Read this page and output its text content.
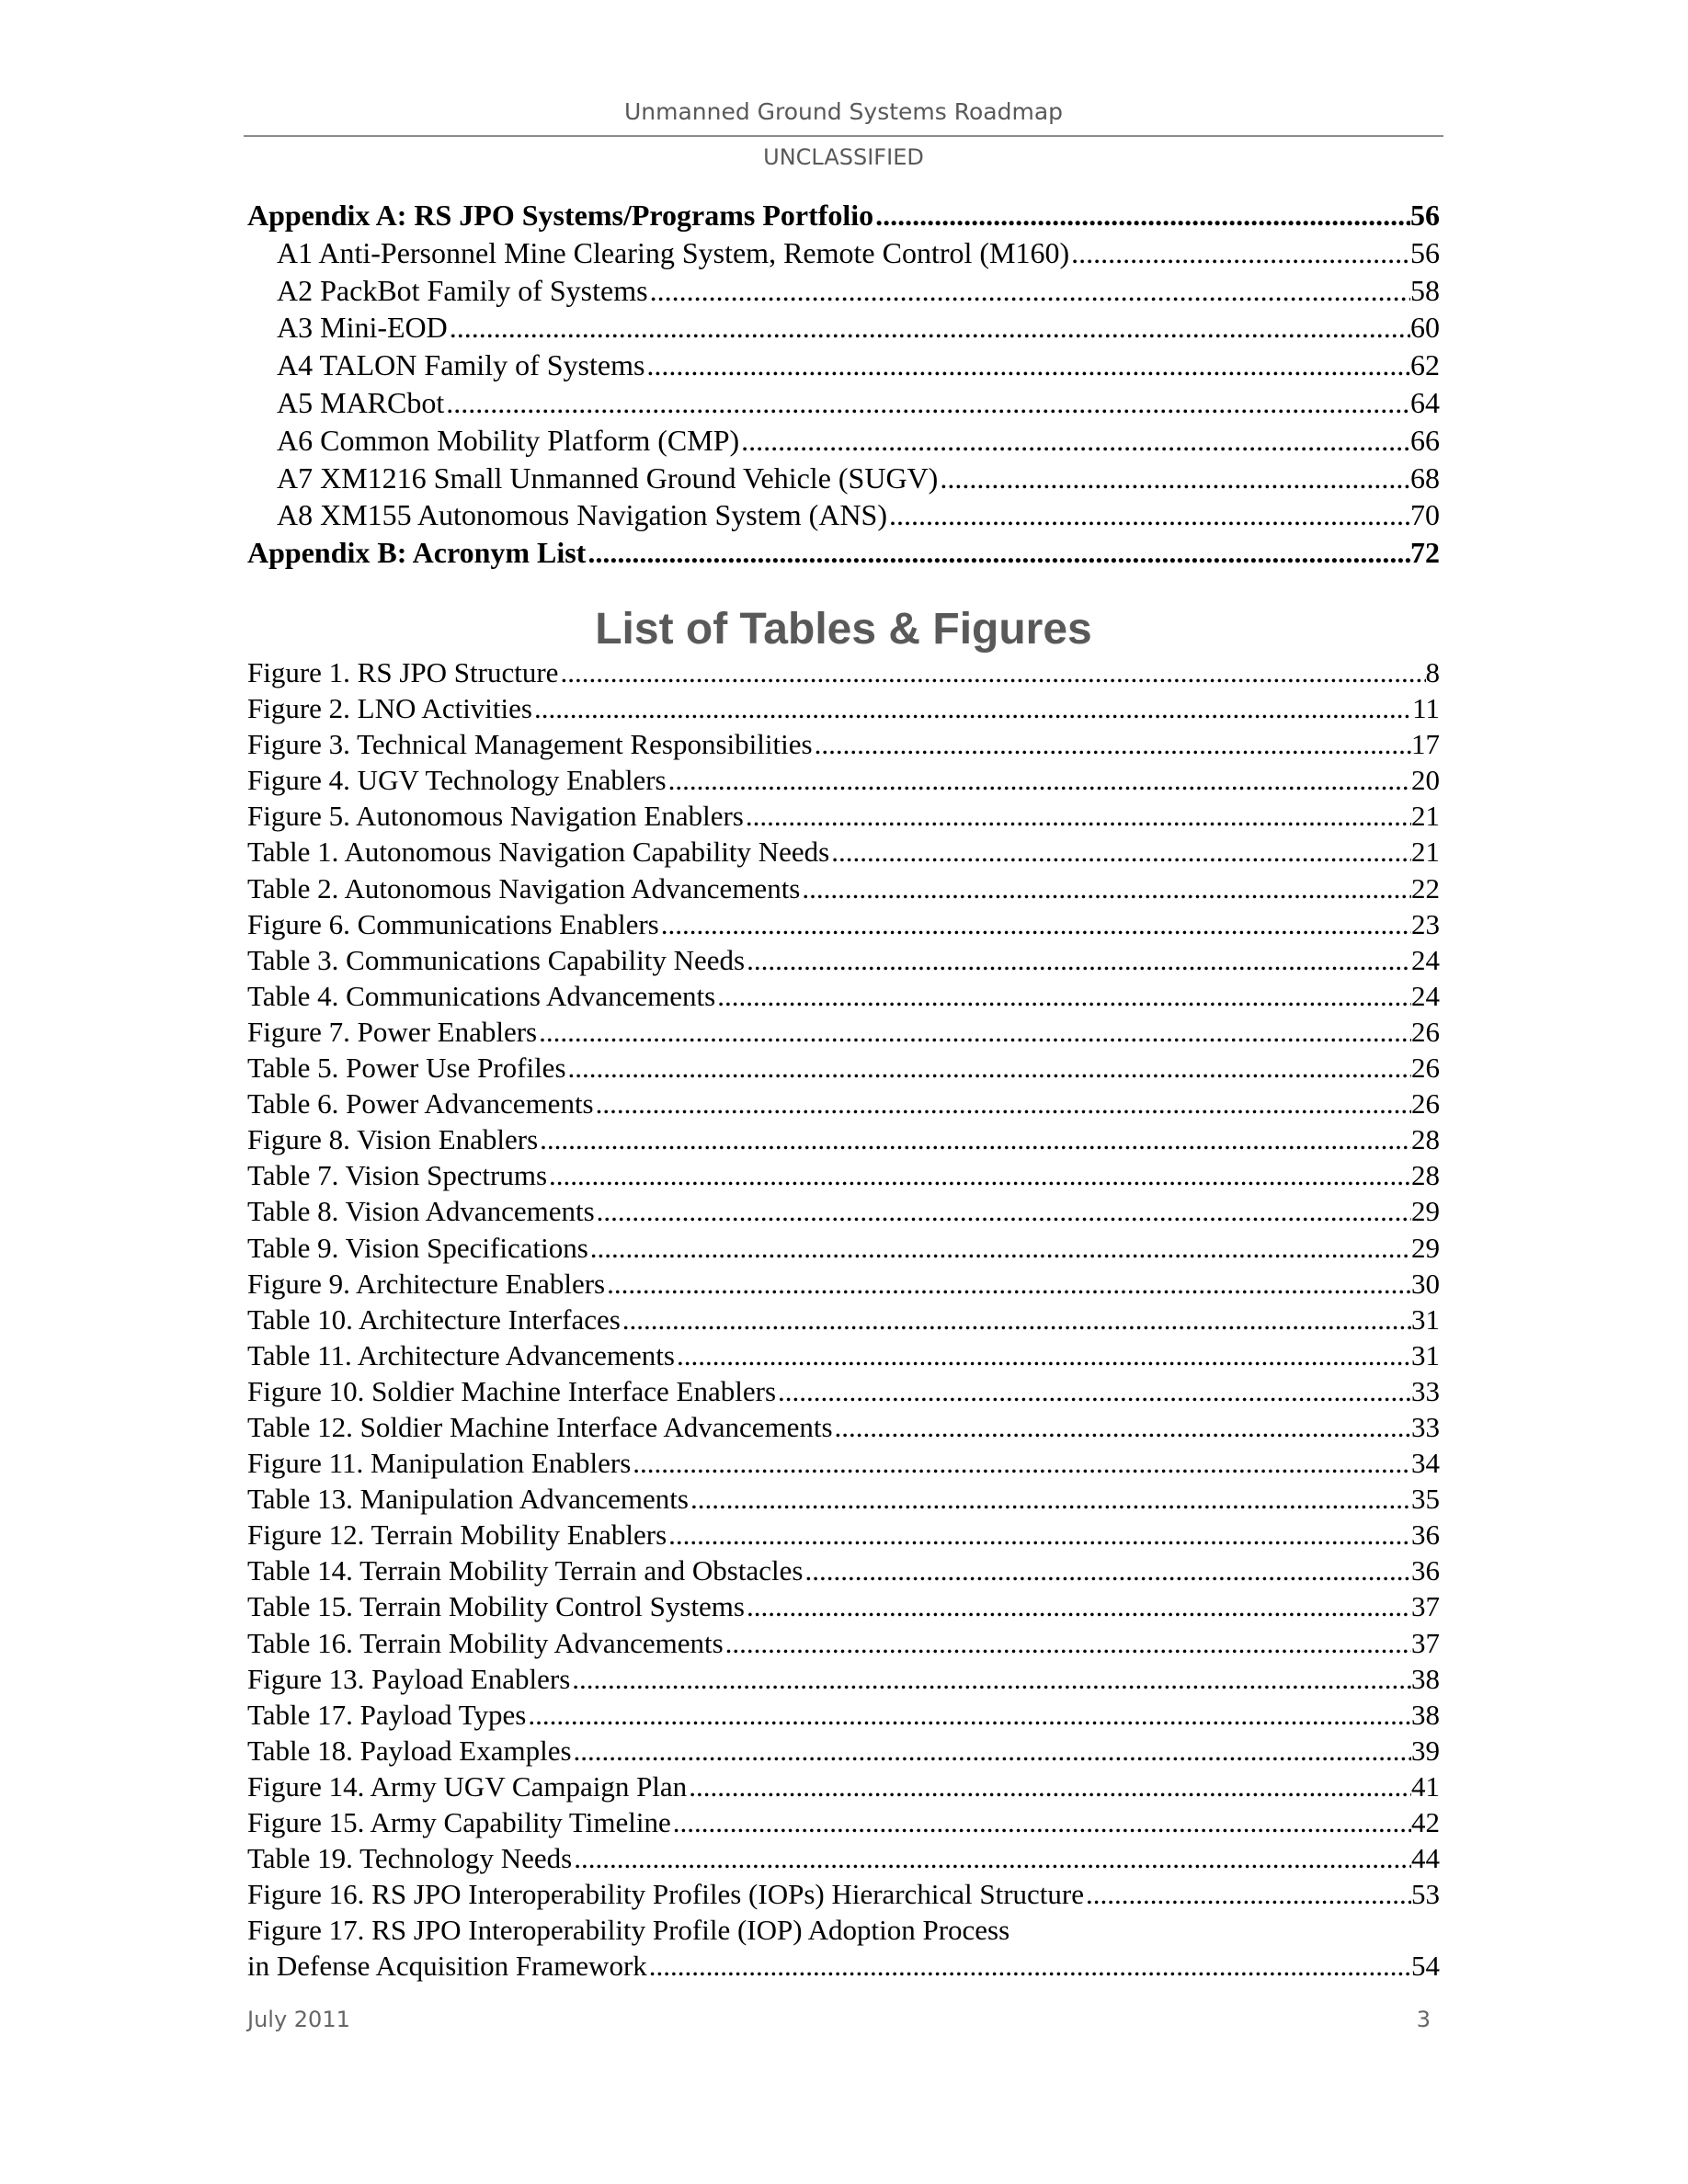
Unmanned Ground Systems Roadmap
UNCLASSIFIED
Appendix A: RS JPO Systems/Programs Portfolio .....	56
A1 Anti-Personnel Mine Clearing System, Remote Control (M160) .....	56
A2 PackBot Family of Systems .....	58
A3 Mini-EOD .....	60
A4 TALON Family of Systems .....	62
A5 MARCbot .....	64
A6 Common Mobility Platform (CMP) .....	66
A7 XM1216 Small Unmanned Ground Vehicle (SUGV) .....	68
A8 XM155 Autonomous Navigation System (ANS) .....	70
Appendix B: Acronym List .....	72
List of Tables & Figures
Figure 1. RS JPO Structure .....	8
Figure 2. LNO Activities .....	11
Figure 3. Technical Management Responsibilities .....	17
Figure 4. UGV Technology Enablers .....	20
Figure 5. Autonomous Navigation Enablers .....	21
Table 1. Autonomous Navigation Capability Needs .....	21
Table 2. Autonomous Navigation Advancements .....	22
Figure 6. Communications Enablers .....	23
Table 3. Communications Capability Needs .....	24
Table 4. Communications Advancements .....	24
Figure 7. Power Enablers .....	26
Table 5. Power Use Profiles .....	26
Table 6. Power Advancements .....	26
Figure 8. Vision Enablers .....	28
Table 7. Vision Spectrums .....	28
Table 8. Vision Advancements .....	29
Table 9. Vision Specifications .....	29
Figure 9. Architecture Enablers .....	30
Table 10. Architecture Interfaces .....	31
Table 11. Architecture Advancements .....	31
Figure 10. Soldier Machine Interface Enablers .....	33
Table 12. Soldier Machine Interface Advancements .....	33
Figure 11. Manipulation Enablers .....	34
Table 13. Manipulation Advancements .....	35
Figure 12. Terrain Mobility Enablers .....	36
Table 14. Terrain Mobility Terrain and Obstacles .....	36
Table 15. Terrain Mobility Control Systems .....	37
Table 16. Terrain Mobility Advancements .....	37
Figure 13. Payload Enablers .....	38
Table 17. Payload Types .....	38
Table 18. Payload Examples .....	39
Figure 14. Army UGV Campaign Plan .....	41
Figure 15. Army Capability Timeline .....	42
Table 19. Technology Needs .....	44
Figure 16. RS JPO Interoperability Profiles (IOPs) Hierarchical Structure .....	53
Figure 17. RS JPO Interoperability Profile (IOP) Adoption Process
in Defense Acquisition Framework .....	54
July 2011	3
